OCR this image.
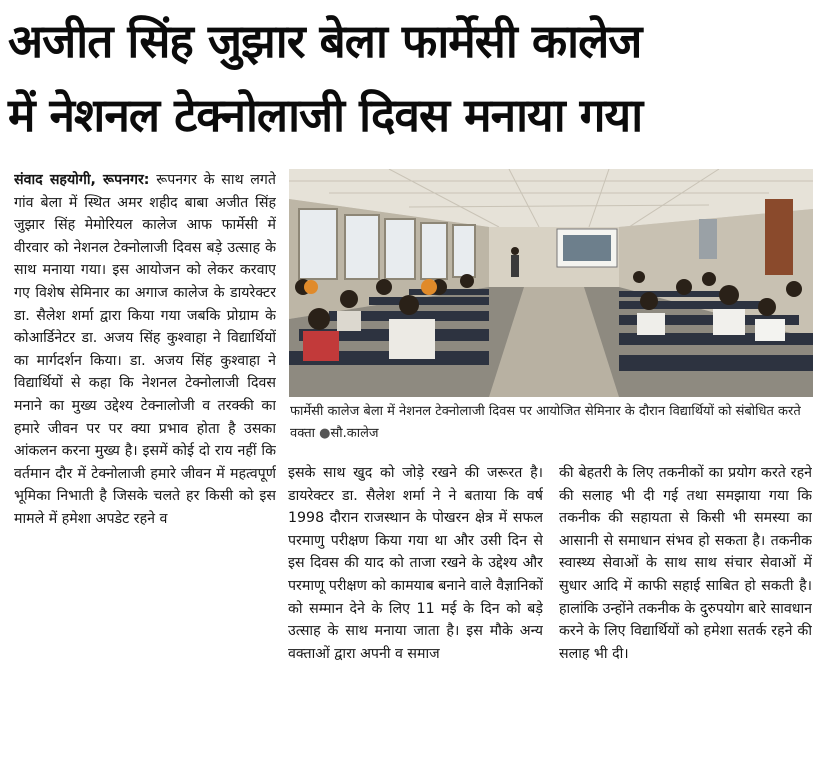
अजीत सिंह जुझार बेला फार्मेसी कालेज
में नेशनल टेक्नोलाजी दिवस मनाया गया

संवाद सहयोगी, रूपनगर: रूपनगर के साथ लगते गांव बेला में स्थित अमर शहीद बाबा अजीत सिंह जुझार सिंह मेमोरियल कालेज आफ फार्मेसी में वीरवार को नेशनल टेक्नोलाजी दिवस बड़े उत्साह के साथ मनाया गया। इस आयोजन को लेकर करवाए गए विशेष सेमिनार का अगाज कालेज के डायरेक्टर डा. सैलेश शर्मा द्वारा किया गया जबकि प्रोग्राम के कोआर्डिनेटर डा. अजय सिंह कुश्वाहा ने विद्यार्थियों का मार्गदर्शन किया। डा. अजय सिंह कुश्वाहा ने विद्यार्थियों से कहा कि नेशनल टेक्नोलाजी दिवस मनाने का मुख्य उद्देश्य टेक्नालोजी व तरक्की का हमारे जीवन पर पर क्या प्रभाव होता है उसका आंकलन करना मुख्य है। इसमें कोई दो राय नहीं कि वर्तमान दौर में टेक्नोलाजी हमारे जीवन में महत्वपूर्ण भूमिका निभाती है जिसके चलते हर किसी को इस मामले में हमेशा अपडेट रहने व

फार्मेसी कालेज बेला में नेशनल टेक्नोलाजी दिवस पर आयोजित सेमिनार के दौरान विद्यार्थियों को संबोधित करते वक्ता ●सौ.कालेज

इसके साथ खुद को जोड़े रखने की जरूरत है। डायरेक्टर डा. सैलेश शर्मा ने ने बताया कि वर्ष 1998 दौरान राजस्थान के पोखरन क्षेत्र में सफल परमाणु परीक्षण किया गया था और उसी दिन से इस दिवस की याद को ताजा रखने के उद्देश्य और परमाणू परीक्षण को कामयाब बनाने वाले वैज्ञानिकों को सम्मान देने के लिए 11 मई के दिन को बड़े उत्साह के साथ मनाया जाता है। इस मौके अन्य वक्ताओं द्वारा अपनी व समाज

की बेहतरी के लिए तकनीकों का प्रयोग करते रहने की सलाह भी दी गई तथा समझाया गया कि तकनीक की सहायता से किसी भी समस्या का आसानी से समाधान संभव हो सकता है। तकनीक स्वास्थ्य सेवाओं के साथ साथ संचार सेवाओं में सुधार आदि में काफी सहाई साबित हो सकती है। हालांकि उन्होंने तकनीक के दुरुपयोग बारे सावधान करने के लिए विद्यार्थियों को हमेशा सतर्क रहने की सलाह भी दी।
